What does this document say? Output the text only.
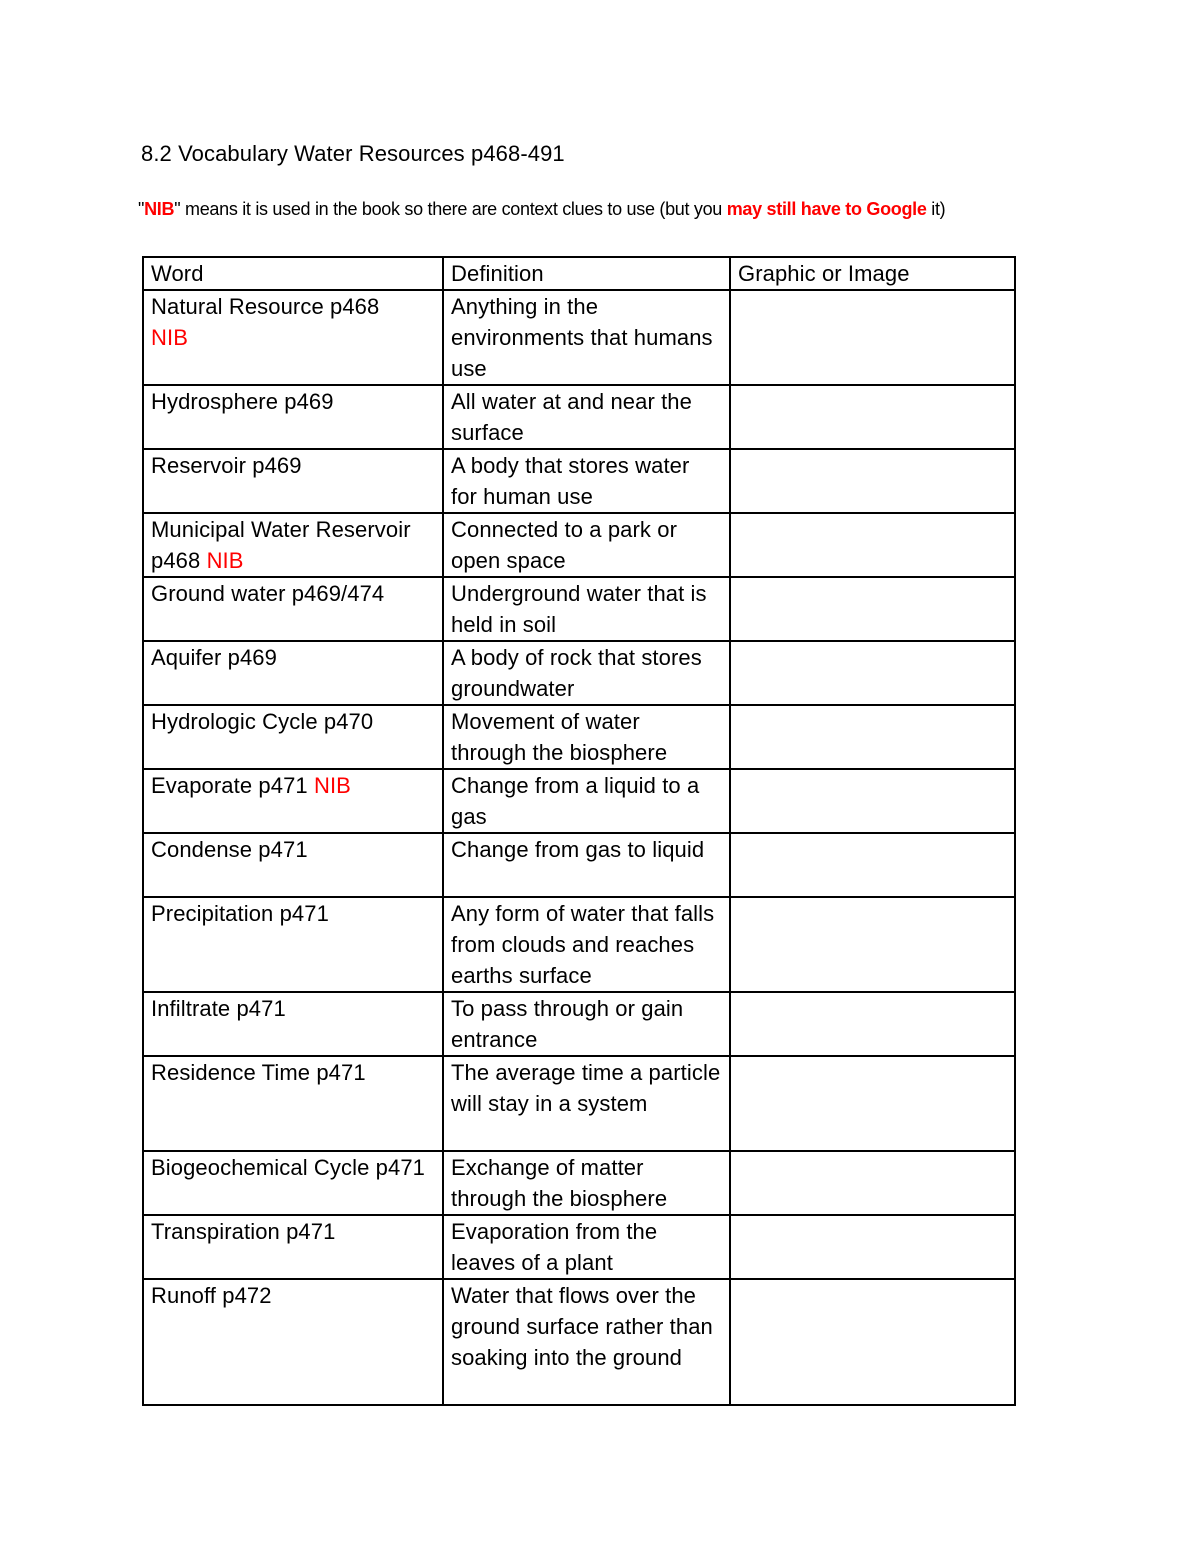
8.2 Vocabulary Water Resources p468-491
"NIB" means it is used in the book so there are context clues to use (but you may still have to Google it)
Word	Definition	Graphic or Image
Natural Resource p468
NIB	Anything in the environments that humans use	
Hydrosphere p469	All water at and near the surface	
Reservoir p469	A body that stores water for human use	
Municipal Water Reservoir p468 NIB	Connected to a park or open space	
Ground water p469/474	Underground water that is held in soil	
Aquifer p469	A body of rock that stores groundwater	
Hydrologic Cycle p470	Movement of water through the biosphere	
Evaporate p471 NIB	Change from a liquid to a gas	
Condense p471	Change from gas to liquid	
Precipitation p471	Any form of water that falls from clouds and reaches earths surface	
Infiltrate p471	To pass through or gain entrance	
Residence Time p471	The average time a particle will stay in a system	
Biogeochemical Cycle p471	Exchange of matter through the biosphere	
Transpiration p471	Evaporation from the leaves of a plant	
Runoff p472	Water that flows over the ground surface rather than soaking into the ground	
